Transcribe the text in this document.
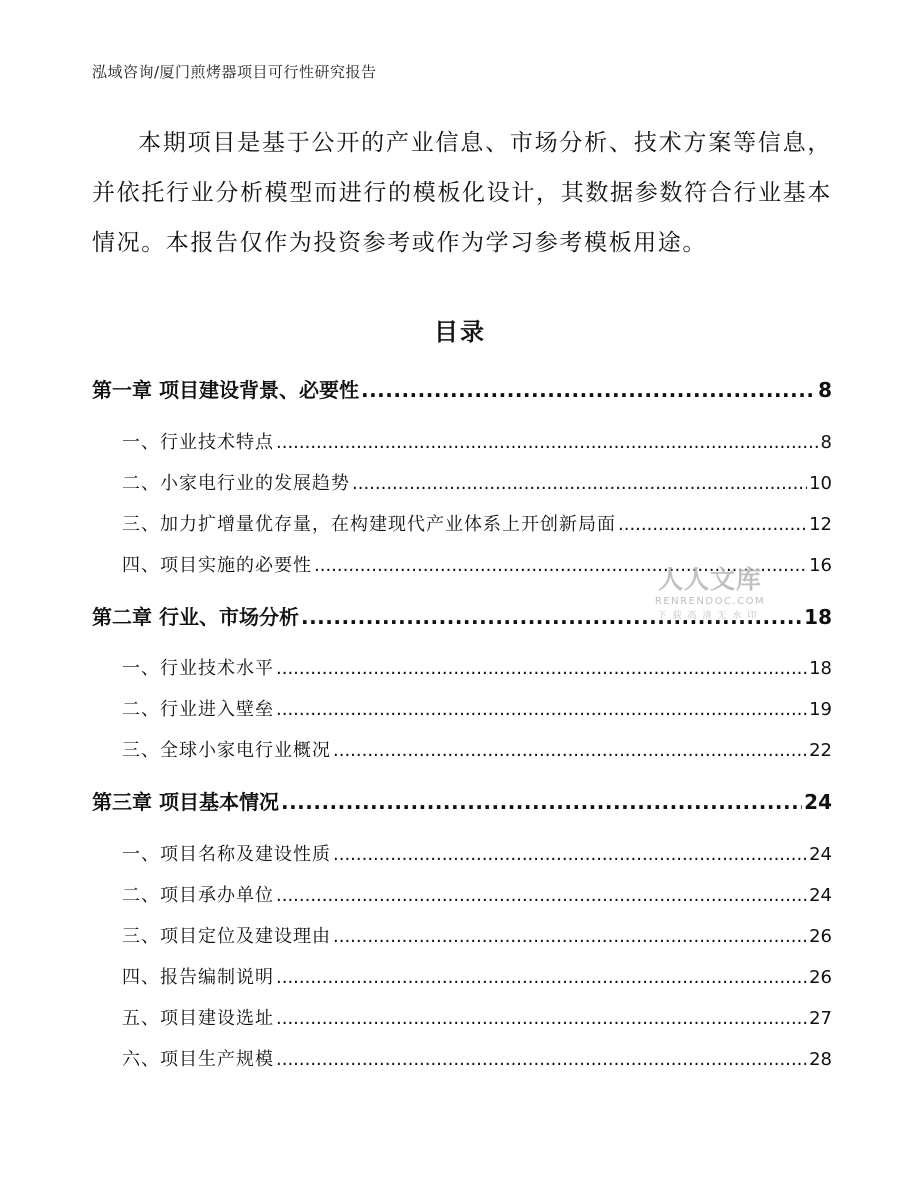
泓域咨询/厦门煎烤器项目可行性研究报告
本期项目是基于公开的产业信息、市场分析、技术方案等信息，并依托行业分析模型而进行的模板化设计，其数据参数符合行业基本情况。本报告仅作为投资参考或作为学习参考模板用途。
目录
第一章 项目建设背景、必要性 .....	8
一、 行业技术特点 .....	8
二、 小家电行业的发展趋势 .....	10
三、 加力扩增量优存量，在构建现代产业体系上开创新局面 .....	12
四、 项目实施的必要性 .....	16
第二章 行业、市场分析 .....	18
一、 行业技术水平 .....	18
二、 行业进入壁垒 .....	19
三、 全球小家电行业概况 .....	22
第三章 项目基本情况 .....	24
一、 项目名称及建设性质 .....	24
二、 项目承办单位 .....	24
三、 项目定位及建设理由 .....	26
四、 报告编制说明 .....	26
五、 项目建设选址 .....	27
六、 项目生产规模 .....	28
人人文库
RENRENDOC.COM
下载高清无水印
